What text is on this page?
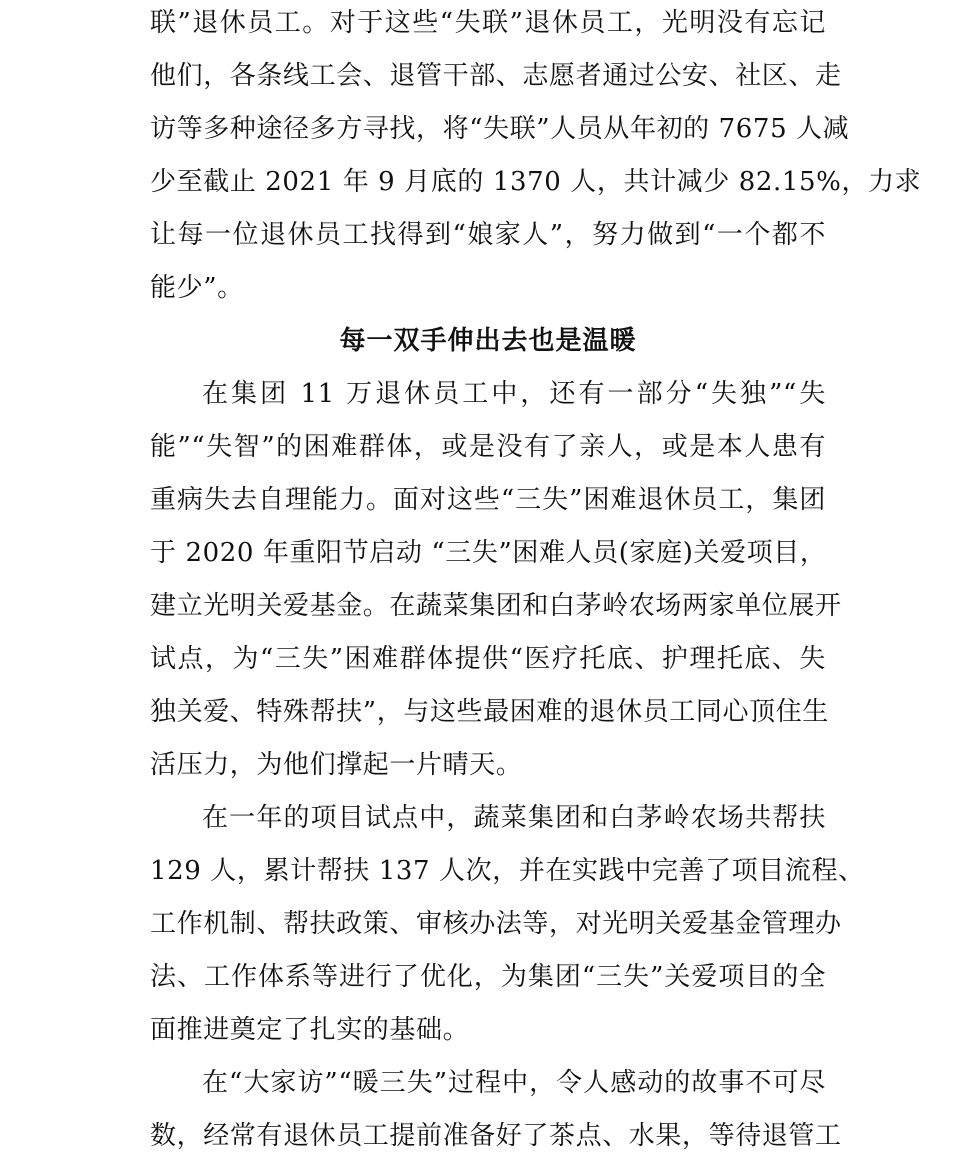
联”退休员工。对于这些“失联”退休员工，光明没有忘记
他们，各条线工会、退管干部、志愿者通过公安、社区、走
访等多种途径多方寻找，将“失联”人员从年初的 7675 人减
少至截止 2021 年 9 月底的 1370 人，共计减少 82.15%，力求
让每一位退休员工找得到“娘家人”，努力做到“一个都不
能少”。
每一双手伸出去也是温暖
在集团 11 万退休员工中，还有一部分“失独”“失
能”“失智”的困难群体，或是没有了亲人，或是本人患有
重病失去自理能力。面对这些“三失”困难退休员工，集团
于 2020 年重阳节启动 “三失”困难人员(家庭)关爱项目，
建立光明关爱基金。在蔬菜集团和白茅岭农场两家单位展开
试点，为“三失”困难群体提供“医疗托底、护理托底、失
独关爱、特殊帮扶”，与这些最困难的退休员工同心顶住生
活压力，为他们撑起一片晴天。
在一年的项目试点中，蔬菜集团和白茅岭农场共帮扶
129 人，累计帮扶 137 人次，并在实践中完善了项目流程、
工作机制、帮扶政策、审核办法等，对光明关爱基金管理办
法、工作体系等进行了优化，为集团“三失”关爱项目的全
面推进奠定了扎实的基础。
在“大家访”“暖三失”过程中，令人感动的故事不可尽
数，经常有退休员工提前准备好了茶点、水果，等待退管工
